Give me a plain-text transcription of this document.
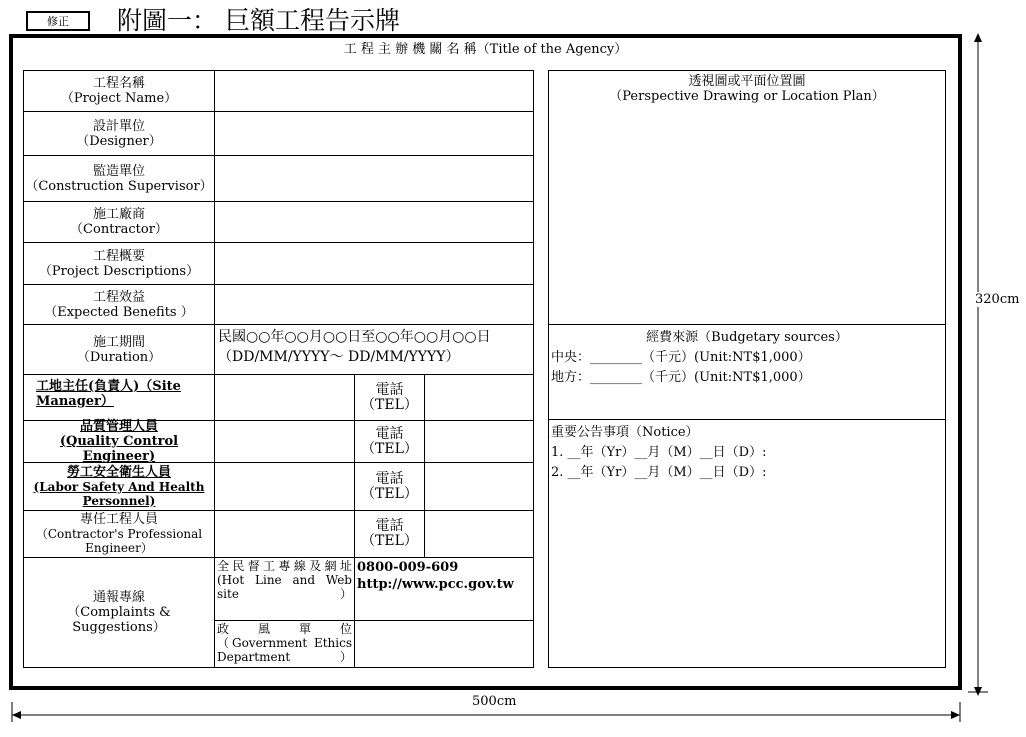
修正	附圖一： 巨額工程告示牌
工 程 主 辦 機 關 名 稱（Title of the Agency）
工程名稱
（Project Name）
設計單位
（Designer）
監造單位
（Construction Supervisor）
施工廠商
（Contractor）
工程概要
（Project Descriptions）
工程效益
（Expected Benefits ）
施工期間
（Duration）
民國○○年○○月○○日至○○年○○月○○日（DD/MM/YYYY～ DD/MM/YYYY）
工地主任(負責人)（Site Manager）
電話
（TEL）
品質管理人員
(Quality Control Engineer)
電話
（TEL）
勞工安全衛生人員
(Labor Safety And Health Personnel)
電話
（TEL）
專任工程人員
（Contractor's Professional Engineer）
電話
（TEL）
通報專線
（Complaints & Suggestions）
全民督工專線及網址 (Hot Line and Web site）
0800-009-609
http://www.pcc.gov.tw
政風單位 （Government Ethics Department）
透視圖或平面位置圖
（Perspective Drawing or Location Plan）
經費來源（Budgetary sources）
中央：________（千元）(Unit:NT$1,000）
地方：________（千元）(Unit:NT$1,000）
重要公告事項（Notice）
1. __年（Yr）__月（M）__日（D）:
2. __年（Yr）__月（M）__日（D）:
320cm
500cm
